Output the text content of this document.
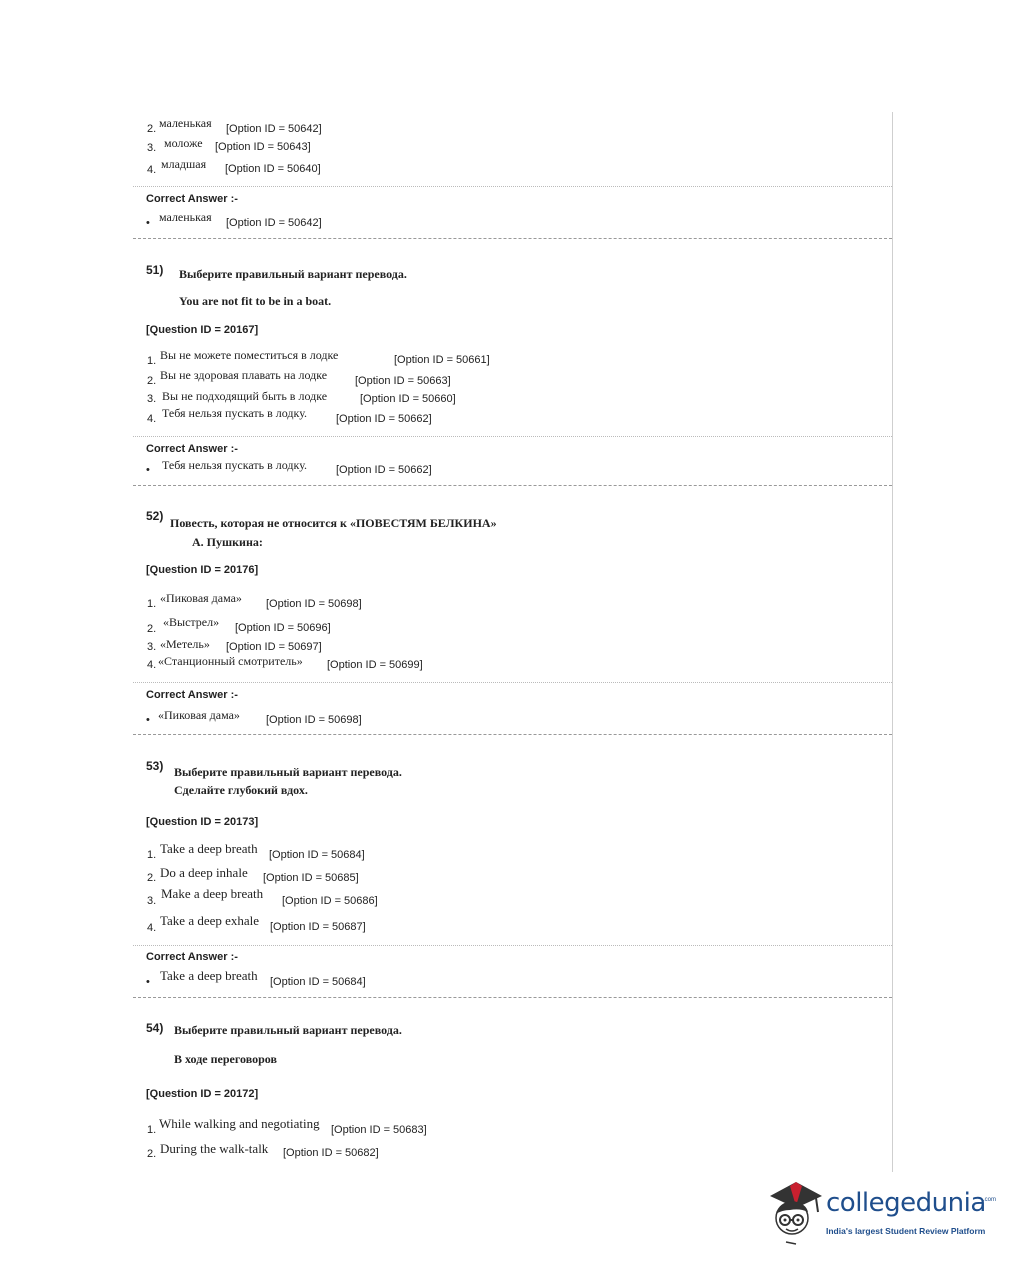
2. маленькая [Option ID = 50642]
3. моложе [Option ID = 50643]
4. младшая [Option ID = 50640]
Correct Answer :-
• маленькая [Option ID = 50642]
51) Выберите правильный вариант перевода.
You are not fit to be in a boat.
[Question ID = 20167]
1. Вы не можете поместиться в лодке	[Option ID = 50661]
2. Вы не здоровая плавать на лодке	[Option ID = 50663]
3. Вы не подходящий быть в лодке	[Option ID = 50660]
4. Тебя нельзя пускать в лодку.	[Option ID = 50662]
Correct Answer :-
• Тебя нельзя пускать в лодку.	[Option ID = 50662]
52) Повесть, которая не относится к «ПОВЕСТЯМ БЕЛКИНА»
А. Пушкина:
[Question ID = 20176]
1. «Пиковая дама» [Option ID = 50698]
2. «Выстрел» [Option ID = 50696]
3. «Метель» [Option ID = 50697]
4. «Станционный смотритель» [Option ID = 50699]
Correct Answer :-
• «Пиковая дама» [Option ID = 50698]
53) Выберите правильный вариант перевода.
Сделайте глубокий вдох.
[Question ID = 20173]
1. Take a deep breath [Option ID = 50684]
2. Do a deep inhale [Option ID = 50685]
3. Make a deep breath [Option ID = 50686]
4. Take a deep exhale [Option ID = 50687]
Correct Answer :-
• Take a deep breath [Option ID = 50684]
54) Выберите правильный вариант перевода.
В ходе переговоров
[Question ID = 20172]
1. While walking and negotiating [Option ID = 50683]
2. During the walk-talk [Option ID = 50682]
collegedunia
.com
India's largest Student Review Platform
